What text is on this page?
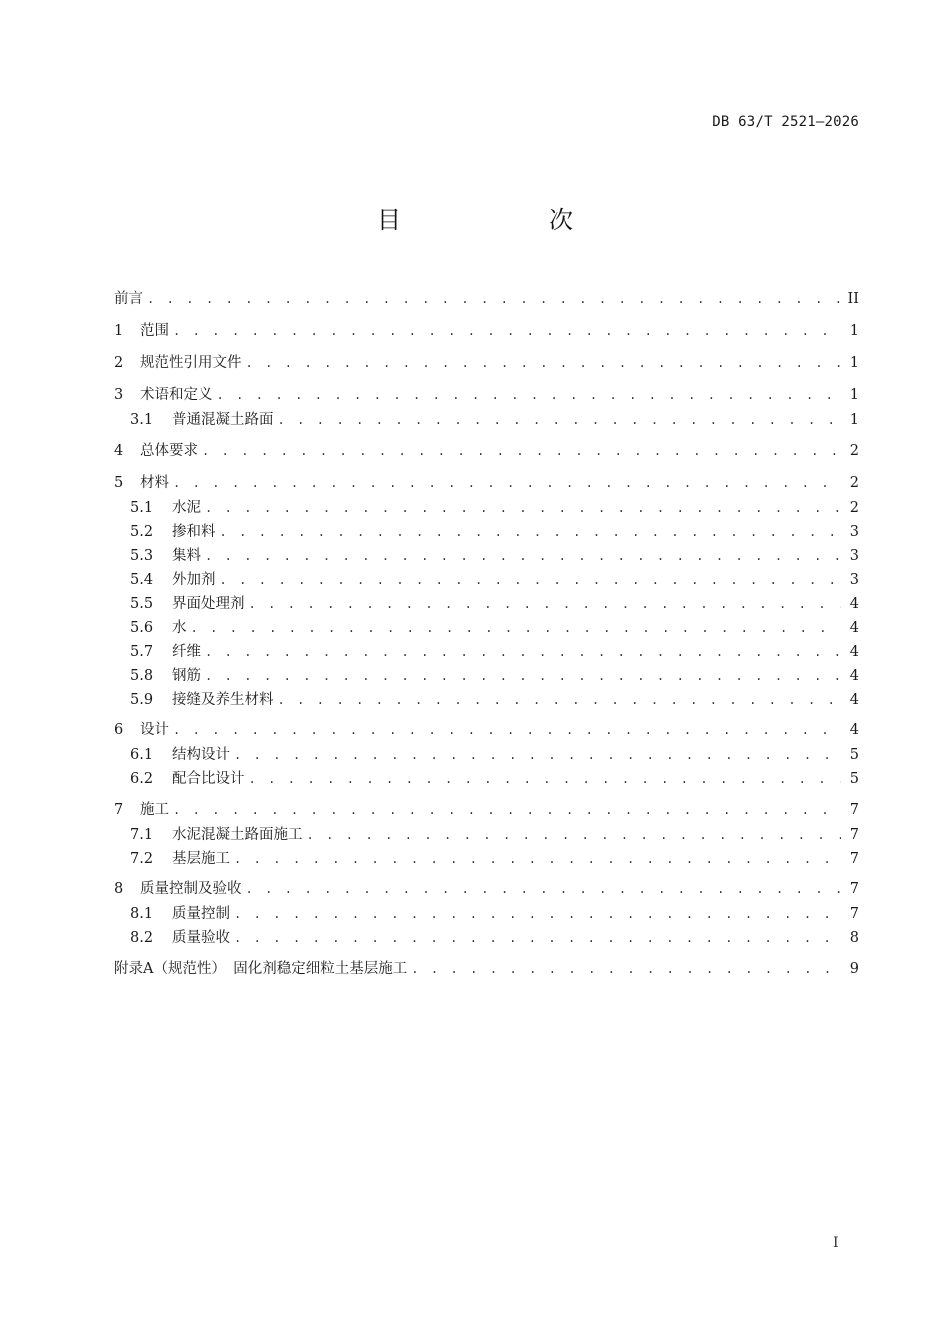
DB 63/T 2521—2026
目　次
前言 . . .	II
1	范围 . . .	1
2	规范性引用文件 . . .	1
3	术语和定义 . . .	1
3.1	普通混凝土路面 . . .	1
4	总体要求 . . .	2
5	材料 . . .	2
5.1	水泥 . . .	2
5.2	掺和料 . . .	3
5.3	集料 . . .	3
5.4	外加剂 . . .	3
5.5	界面处理剂 . . .	4
5.6	水 . . .	4
5.7	纤维 . . .	4
5.8	钢筋 . . .	4
5.9	接缝及养生材料 . . .	4
6	设计 . . .	4
6.1	结构设计 . . .	5
6.2	配合比设计 . . .	5
7	施工 . . .	7
7.1	水泥混凝土路面施工 . . .	7
7.2	基层施工 . . .	7
8	质量控制及验收 . . .	7
8.1	质量控制 . . .	7
8.2	质量验收 . . .	8
附录A（规范性）　固化剂稳定细粒土基层施工 . . .	9
I
